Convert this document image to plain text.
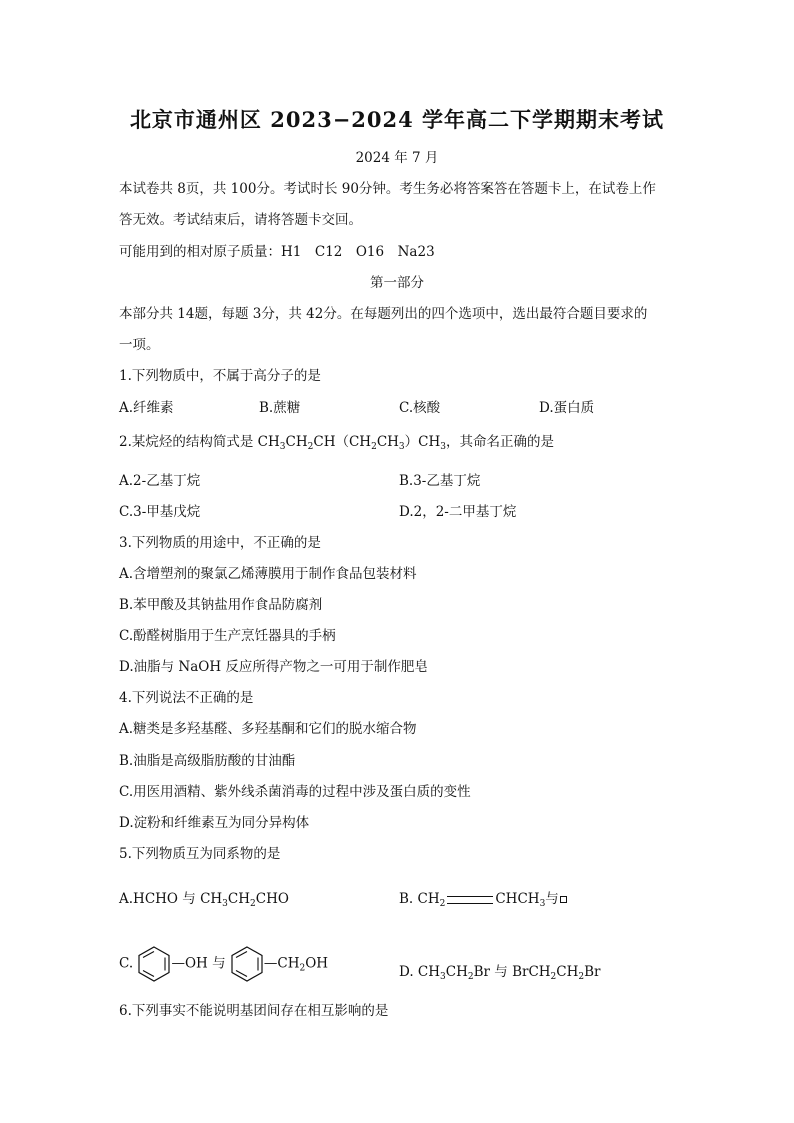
北京市通州区 2023−2024 学年高二下学期期末考试
2024 年 7 月
本试卷共 8页，共 100分。考试时长 90分钟。考生务必将答案答在答题卡上，在试卷上作
答无效。考试结束后，请将答题卡交回。
可能用到的相对原子质量：H1　C12　O16　Na23
第一部分
本部分共 14题，每题 3分，共 42分。在每题列出的四个选项中，选出最符合题目要求的
一项。
1.下列物质中，不属于高分子的是
A.纤维素	B.蔗糖	C.核酸	D.蛋白质
2.某烷烃的结构简式是 $CH_3CH_2CH(CH_2CH_3)CH_3$，其命名正确的是
A.2-乙基丁烷	B.3-乙基丁烷
C.3-甲基戊烷	D.2，2-二甲基丁烷
3.下列物质的用途中，不正确的是
A.含增塑剂的聚氯乙烯薄膜用于制作食品包装材料
B.苯甲酸及其钠盐用作食品防腐剂
C.酚醛树脂用于生产烹饪器具的手柄
D.油脂与 NaOH 反应所得产物之一可用于制作肥皂
4.下列说法不正确的是
A.糖类是多羟基醛、多羟基酮和它们的脱水缩合物
B.油脂是高级脂肪酸的甘油酯
C.用医用酒精、紫外线杀菌消毒的过程中涉及蛋白质的变性
D.淀粉和纤维素互为同分异构体
5.下列物质互为同系物的是
A.HCHO 与 $CH_3CH_2CHO$	B. $CH_2$	$CHCH_3$与
C.	—OH 与	$—CH_2OH$
D. $CH_3CH_2Br$ 与 $BrCH_2CH_2Br$
6.下列事实不能说明基团间存在相互影响的是
